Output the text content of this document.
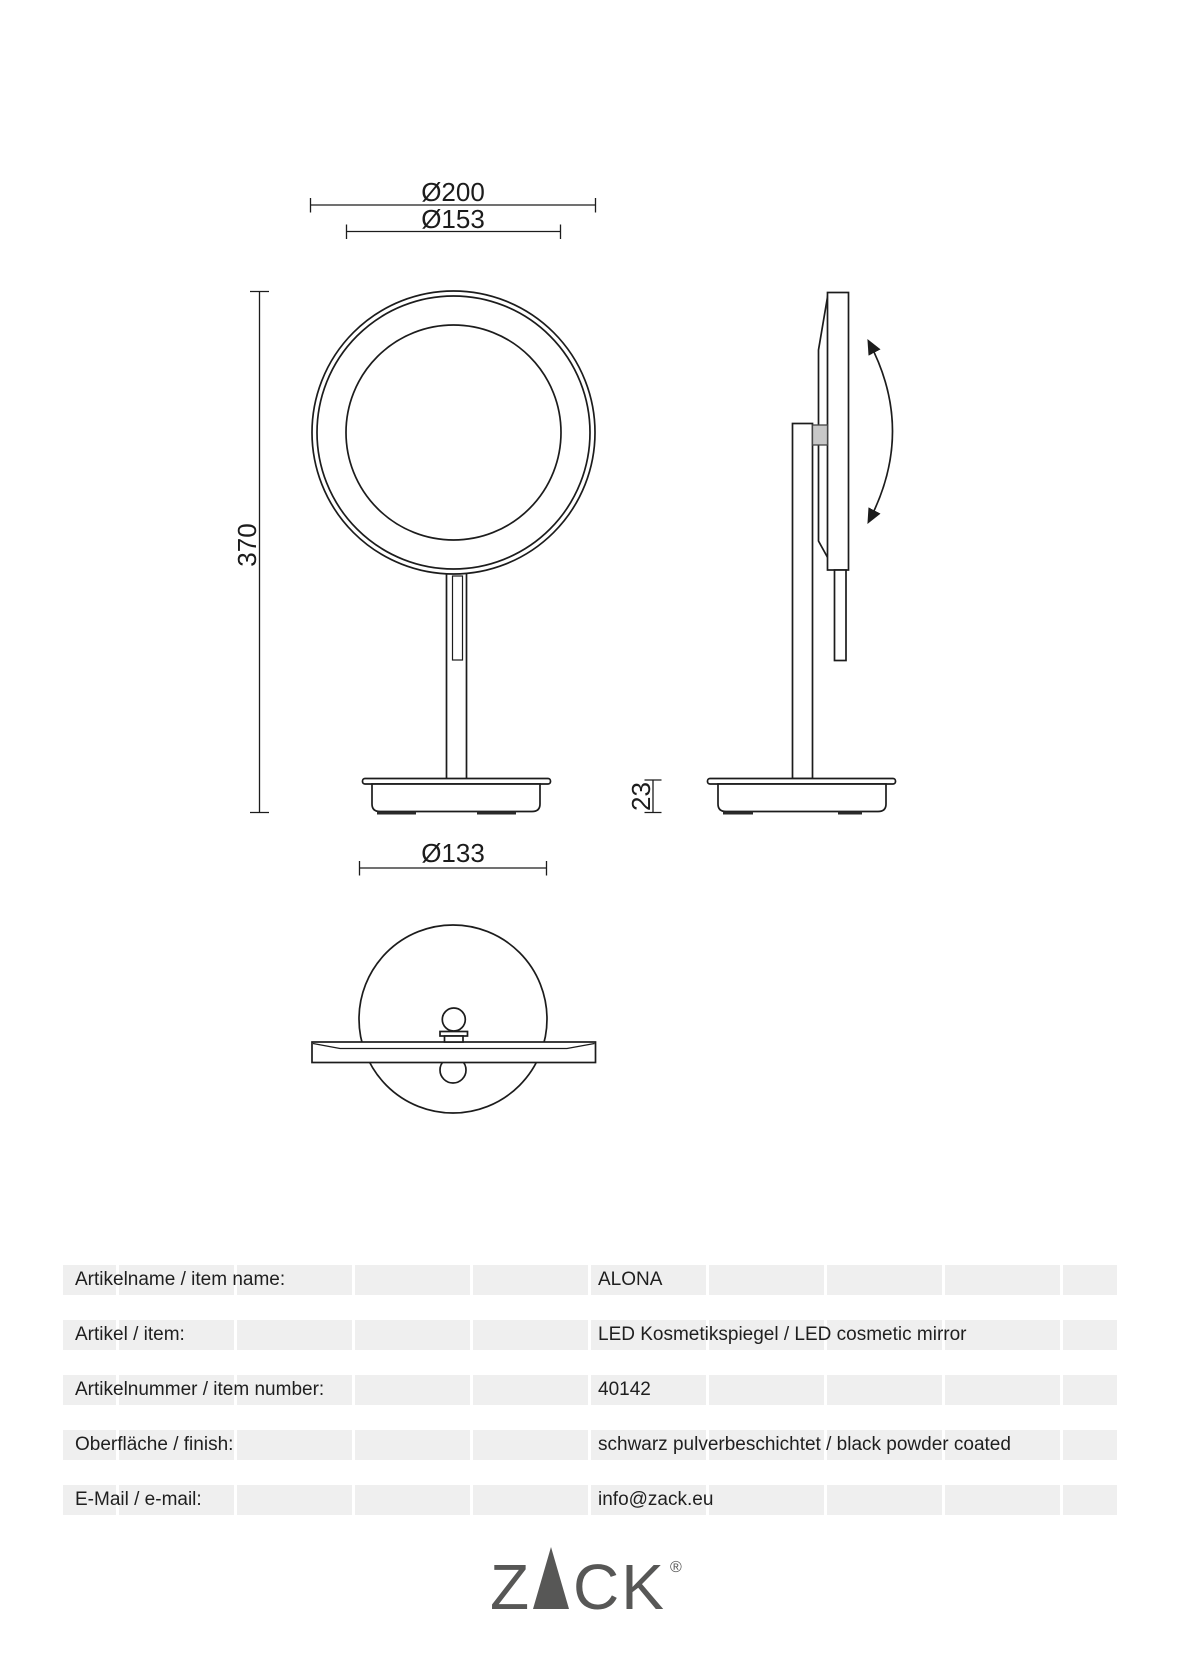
Ø200
Ø153
370
23
Ø133
Artikelname / item name:	ALONA
Artikel / item:	LED Kosmetikspiegel / LED cosmetic mirror
Artikelnummer / item number:	40142
Oberfläche / finish:	schwarz pulverbeschichtet / black powder coated
E-Mail / e-mail:	info@zack.eu
Z CK ®
